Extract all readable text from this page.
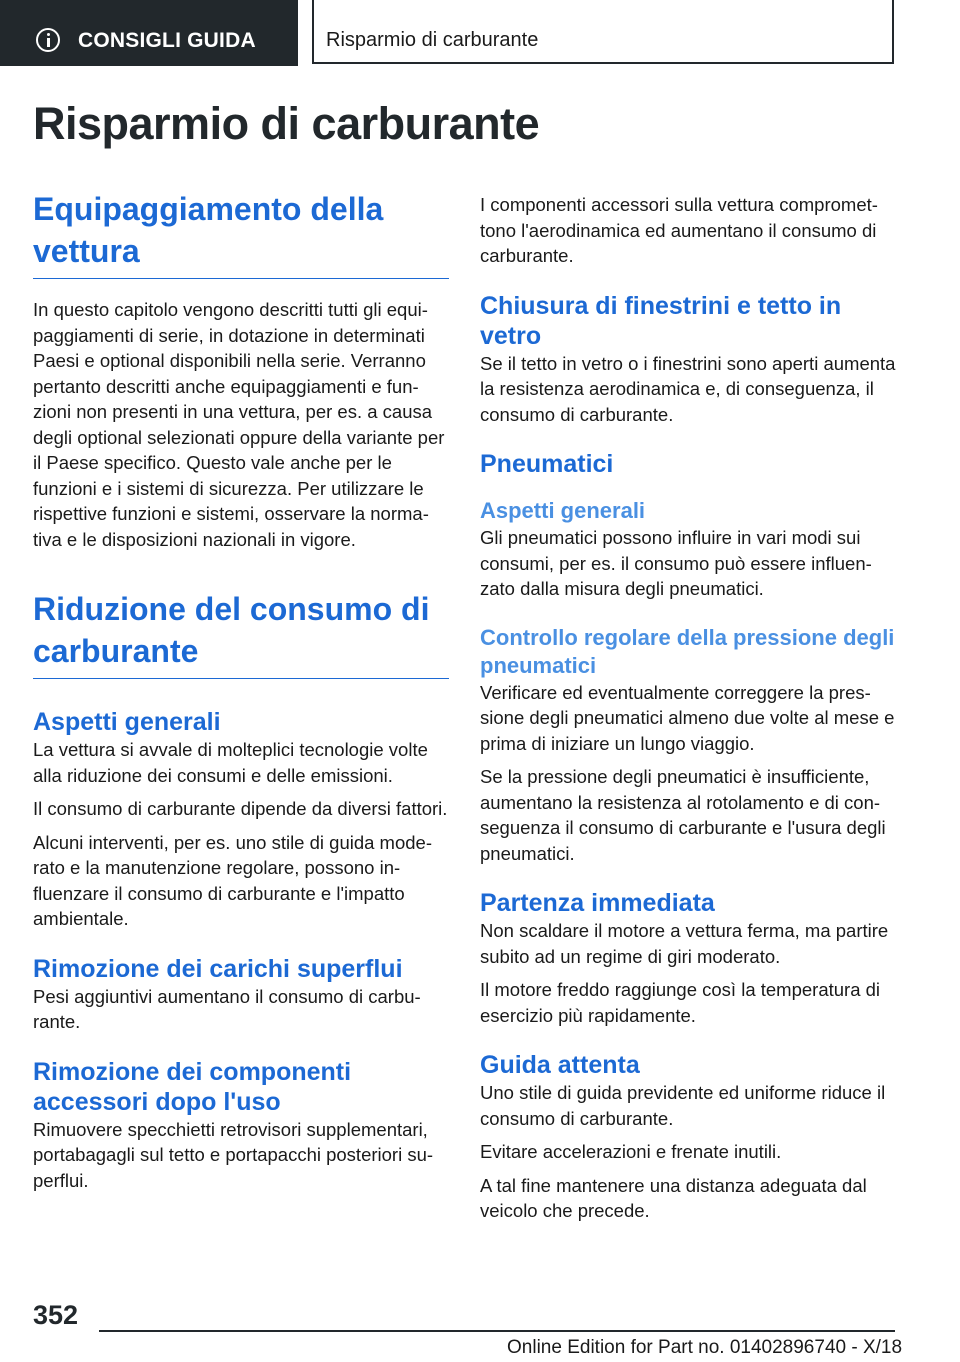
CONSIGLI GUIDA	Risparmio di carburante
Risparmio di carburante
Equipaggiamento della vettura

In questo capitolo vengono descritti tutti gli equipaggiamenti di serie, in dotazione in determinati Paesi e optional disponibili nella serie. Verranno pertanto descritti anche equipaggiamenti e funzioni non presenti in una vettura, per es. a causa degli optional selezionati oppure della variante per il Paese specifico. Questo vale anche per le funzioni e i sistemi di sicurezza. Per utilizzare le rispettive funzioni e sistemi, osservare la normativa e le disposizioni nazionali in vigore.

Riduzione del consumo di carburante
Aspetti generali

La vettura si avvale di molteplici tecnologie volte alla riduzione dei consumi e delle emissioni.

Il consumo di carburante dipende da diversi fattori.

Alcuni interventi, per es. uno stile di guida moderato e la manutenzione regolare, possono influenzare il consumo di carburante e l'impatto ambientale.

Rimozione dei carichi superflui

Pesi aggiuntivi aumentano il consumo di carburante.

Rimozione dei componenti accessori dopo l'uso

Rimuovere specchietti retrovisori supplementari, portabagagli sul tetto e portapacchi posteriori superflui.

I componenti accessori sulla vettura compromettono l'aerodinamica ed aumentano il consumo di carburante.

Chiusura di finestrini e tetto in vetro

Se il tetto in vetro o i finestrini sono aperti aumenta la resistenza aerodinamica e, di conseguenza, il consumo di carburante.

Pneumatici
Aspetti generali

Gli pneumatici possono influire in vari modi sui consumi, per es. il consumo può essere influenzato dalla misura degli pneumatici.

Controllo regolare della pressione degli pneumatici

Verificare ed eventualmente correggere la pressione degli pneumatici almeno due volte al mese e prima di iniziare un lungo viaggio.

Se la pressione degli pneumatici è insufficiente, aumentano la resistenza al rotolamento e di conseguenza il consumo di carburante e l'usura degli pneumatici.

Partenza immediata

Non scaldare il motore a vettura ferma, ma partire subito ad un regime di giri moderato.

Il motore freddo raggiunge così la temperatura di esercizio più rapidamente.

Guida attenta

Uno stile di guida previdente ed uniforme riduce il consumo di carburante.

Evitare accelerazioni e frenate inutili.

A tal fine mantenere una distanza adeguata dal veicolo che precede.

352
Online Edition for Part no. 01402896740 - X/18
